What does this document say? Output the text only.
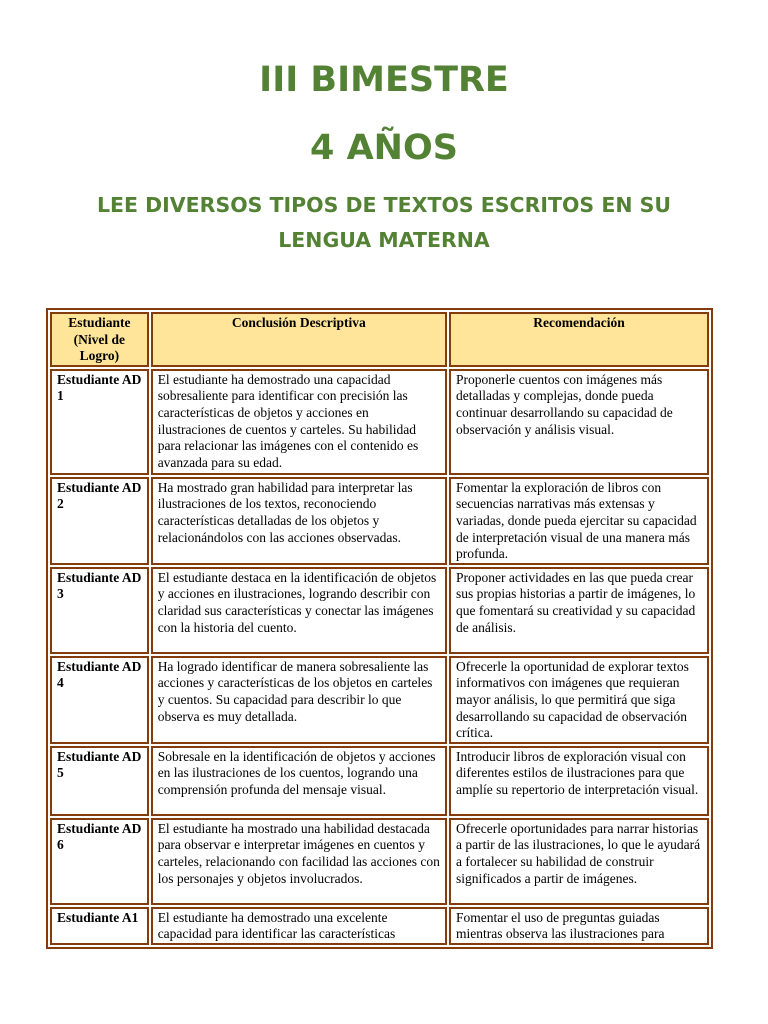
III BIMESTRE
4 AÑOS
LEE DIVERSOS TIPOS DE TEXTOS ESCRITOS EN SU LENGUA MATERNA
Estudiante (Nivel de Logro)	Conclusión Descriptiva	Recomendación
Estudiante AD 1	El estudiante ha demostrado una capacidad sobresaliente para identificar con precisión las características de objetos y acciones en ilustraciones de cuentos y carteles. Su habilidad para relacionar las imágenes con el contenido es avanzada para su edad.	Proponerle cuentos con imágenes más detalladas y complejas, donde pueda continuar desarrollando su capacidad de observación y análisis visual.
Estudiante AD 2	Ha mostrado gran habilidad para interpretar las ilustraciones de los textos, reconociendo características detalladas de los objetos y relacionándolos con las acciones observadas.	Fomentar la exploración de libros con secuencias narrativas más extensas y variadas, donde pueda ejercitar su capacidad de interpretación visual de una manera más profunda.
Estudiante AD 3	El estudiante destaca en la identificación de objetos y acciones en ilustraciones, logrando describir con claridad sus características y conectar las imágenes con la historia del cuento.	Proponer actividades en las que pueda crear sus propias historias a partir de imágenes, lo que fomentará su creatividad y su capacidad de análisis.
Estudiante AD 4	Ha logrado identificar de manera sobresaliente las acciones y características de los objetos en carteles y cuentos. Su capacidad para describir lo que observa es muy detallada.	Ofrecerle la oportunidad de explorar textos informativos con imágenes que requieran mayor análisis, lo que permitirá que siga desarrollando su capacidad de observación crítica.
Estudiante AD 5	Sobresale en la identificación de objetos y acciones en las ilustraciones de los cuentos, logrando una comprensión profunda del mensaje visual.	Introducir libros de exploración visual con diferentes estilos de ilustraciones para que amplíe su repertorio de interpretación visual.
Estudiante AD 6	El estudiante ha mostrado una habilidad destacada para observar e interpretar imágenes en cuentos y carteles, relacionando con facilidad las acciones con los personajes y objetos involucrados.	Ofrecerle oportunidades para narrar historias a partir de las ilustraciones, lo que le ayudará a fortalecer su habilidad de construir significados a partir de imágenes.
Estudiante A1	El estudiante ha demostrado una excelente capacidad para identificar las características	Fomentar el uso de preguntas guiadas mientras observa las ilustraciones para
